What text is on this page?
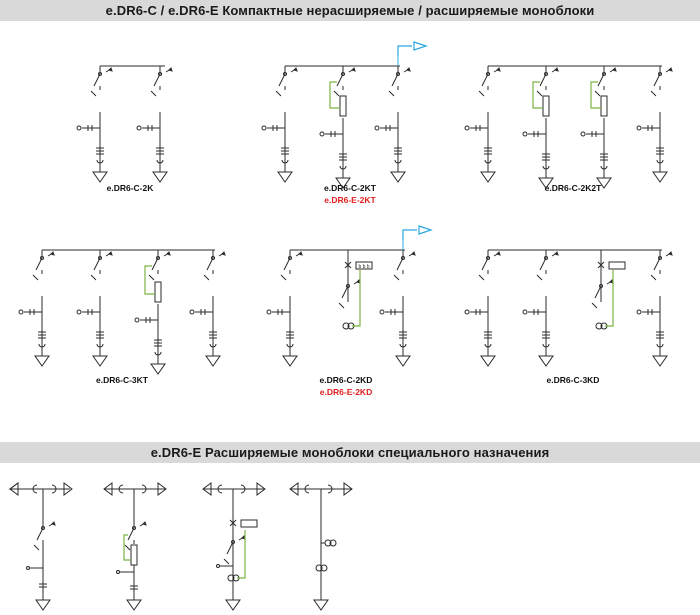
e.DR6-C / e.DR6-E Компактные нерасширяемые / расширяемые моноблоки
e.DR6-E Расширяемые моноблоки специального назначения
b b b
e.DR6-C-2K	e.DR6-C-2KT
e.DR6-E-2KT
e.DR6-C-2K2T
e.DR6-C-3KT	e.DR6-C-2KD
e.DR6-E-2KD
e.DR6-C-3KD
